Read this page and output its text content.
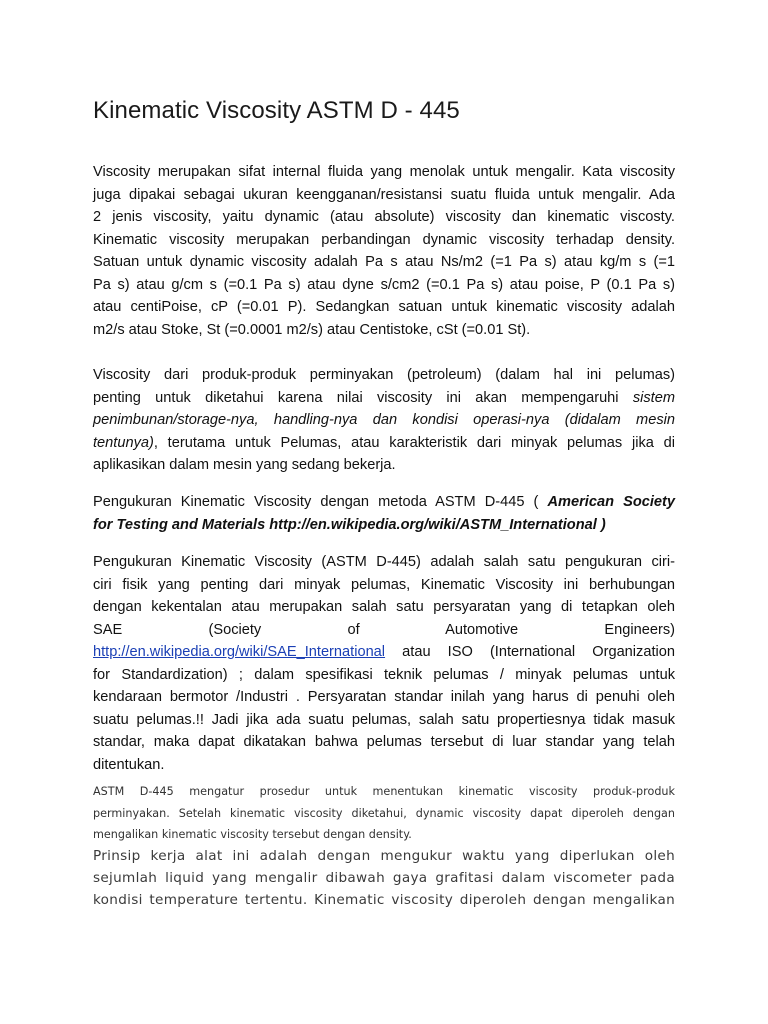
Kinematic Viscosity ASTM D - 445
Viscosity merupakan sifat internal fluida yang menolak untuk mengalir. Kata viscosity
juga dipakai sebagai ukuran keengganan/resistansi suatu fluida untuk mengalir. Ada
2 jenis viscosity, yaitu dynamic (atau absolute) viscosity dan kinematic viscosty.
Kinematic viscosity merupakan perbandingan dynamic viscosity terhadap density.
Satuan untuk dynamic viscosity adalah Pa s atau Ns/m2 (=1 Pa s) atau kg/m s (=1
Pa s) atau g/cm s (=0.1 Pa s) atau dyne s/cm2 (=0.1 Pa s) atau poise, P (0.1 Pa s)
atau centiPoise, cP (=0.01 P). Sedangkan satuan untuk kinematic viscosity adalah
m2/s atau Stoke, St (=0.0001 m2/s) atau Centistoke, cSt (=0.01 St).
Viscosity dari produk-produk perminyakan (petroleum) (dalam hal ini pelumas)
penting untuk diketahui karena nilai viscosity ini akan mempengaruhi sistem
penimbunan/storage-nya, handling-nya dan kondisi operasi-nya (didalam mesin
tentunya), terutama untuk Pelumas, atau karakteristik dari minyak pelumas jika di
aplikasikan dalam mesin yang sedang bekerja.
Pengukuran Kinematic Viscosity dengan metoda ASTM D-445 ( American Society
for Testing and Materials http://en.wikipedia.org/wiki/ASTM_International )
Pengukuran Kinematic Viscosity (ASTM D-445) adalah salah satu pengukuran ciri-
ciri fisik yang penting dari minyak pelumas, Kinematic Viscosity ini berhubungan
dengan kekentalan atau merupakan salah satu persyaratan yang di tetapkan oleh
SAE (Society of Automotive Engineers)
http://en.wikipedia.org/wiki/SAE_International atau ISO (International Organization
for Standardization) ; dalam spesifikasi teknik pelumas / minyak pelumas untuk
kendaraan bermotor /Industri . Persyaratan standar inilah yang harus di penuhi oleh
suatu pelumas.!! Jadi jika ada suatu pelumas, salah satu propertiesnya tidak masuk
standar, maka dapat dikatakan bahwa pelumas tersebut di luar standar yang telah
ditentukan.
ASTM D-445 mengatur prosedur untuk menentukan kinematic viscosity produk-produk
perminyakan. Setelah kinematic viscosity diketahui, dynamic viscosity dapat diperoleh dengan
mengalikan kinematic viscosity tersebut dengan density.
Prinsip kerja alat ini adalah dengan mengukur waktu yang diperlukan oleh
sejumlah liquid yang mengalir dibawah gaya grafitasi dalam viscometer pada
kondisi temperature tertentu. Kinematic viscosity diperoleh dengan mengalikan
